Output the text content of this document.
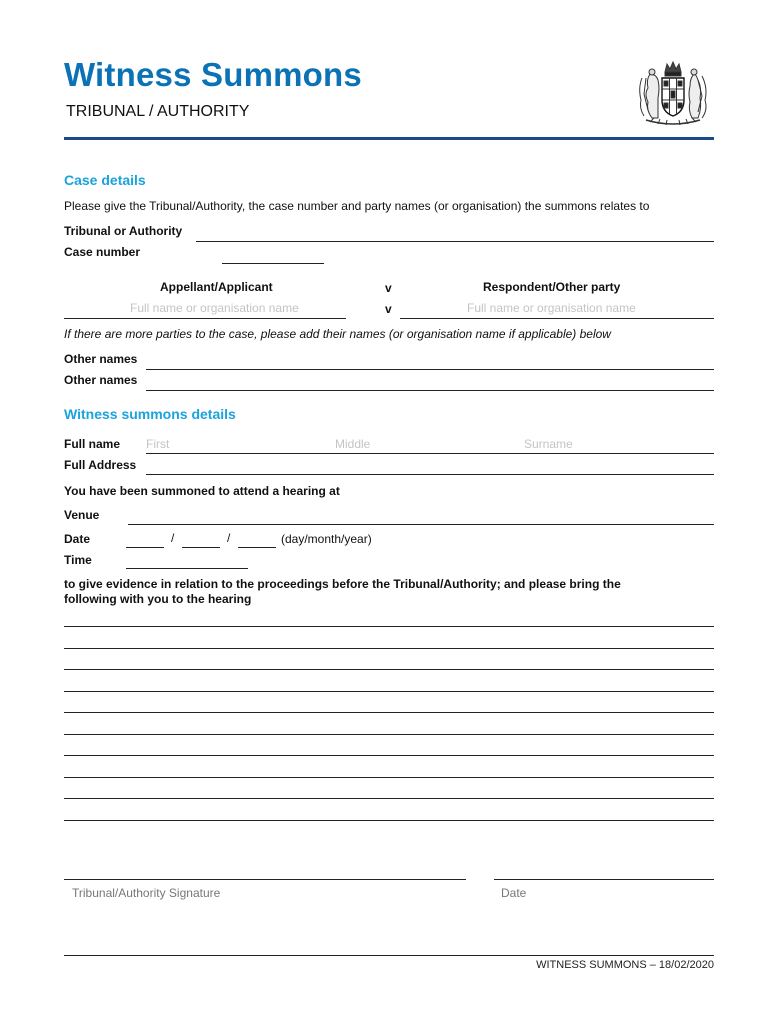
Witness Summons
TRIBUNAL / AUTHORITY
Case details
Please give the Tribunal/Authority, the case number and party names (or organisation) the summons relates to
Tribunal or Authority
Case number
Appellant/Applicant	v	Respondent/Other party
Full name or organisation name	v	Full name or organisation name
If there are more parties to the case, please add their names (or organisation name if applicable) below
Other names
Other names
Witness summons details
Full name First	Middle	Surname
Full Address
You have been summoned to attend a hearing at
Venue
Date	/	/	(day/month/year)
Time
to give evidence in relation to the proceedings before the Tribunal/Authority; and please bring the
following with you to the hearing
Tribunal/Authority Signature	Date
WITNESS SUMMONS – 18/02/2020
